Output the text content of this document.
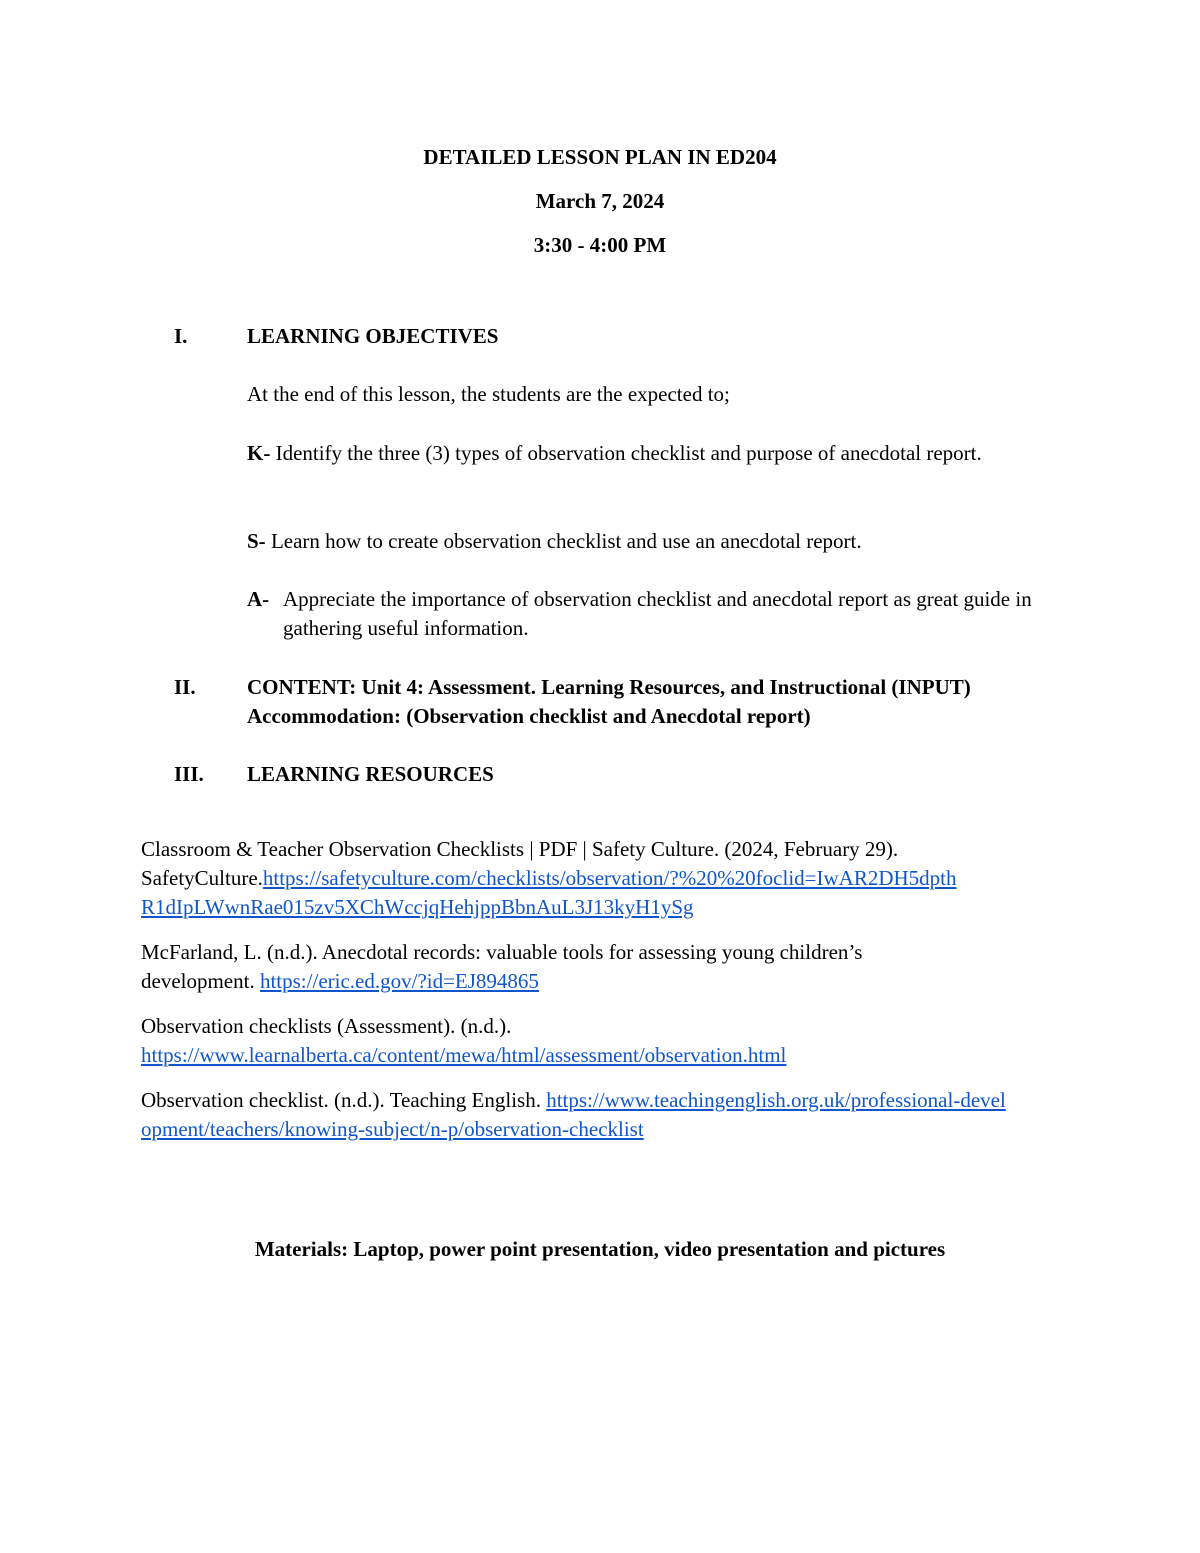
DETAILED LESSON PLAN IN ED204
March 7, 2024
3:30 - 4:00 PM
I.	LEARNING OBJECTIVES
At the end of this lesson, the students are the expected to;
K- Identify the three (3) types of observation checklist and purpose of anecdotal report.
S- Learn how to create observation checklist and use an anecdotal report.
A- Appreciate the importance of observation checklist and anecdotal report as great guide in gathering useful information.
II. CONTENT: Unit 4: Assessment. Learning Resources, and Instructional (INPUT)
Accommodation: (Observation checklist and Anecdotal report)
III. LEARNING RESOURCES
Classroom & Teacher Observation Checklists | PDF | Safety Culture. (2024, February 29). SafetyCulture.https://safetyculture.com/checklists/observation/?%20%20foclid=IwAR2DH5dpth R1dIpLWwnRae015zv5XChWccjqHehjppBbnAuL3J13kyH1ySg
McFarland, L. (n.d.). Anecdotal records: valuable tools for assessing young children’s development. https://eric.ed.gov/?id=EJ894865
Observation checklists (Assessment). (n.d.). https://www.learnalberta.ca/content/mewa/html/assessment/observation.html
Observation checklist. (n.d.). Teaching English. https://www.teachingenglish.org.uk/professional-development/teachers/knowing-subject/n-p/observation-checklist
Materials: Laptop, power point presentation, video presentation and pictures
